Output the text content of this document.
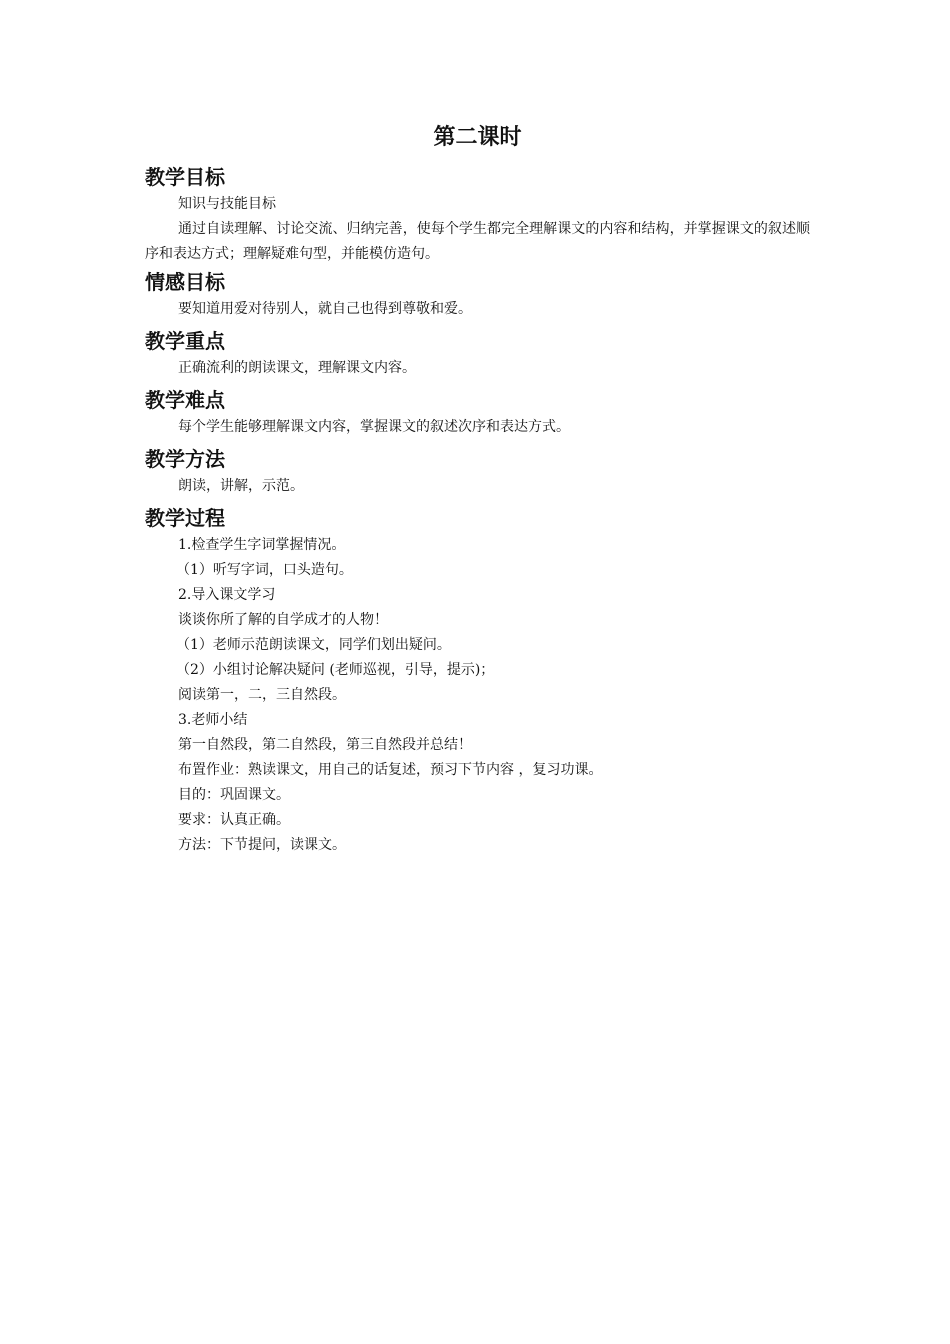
第二课时
教学目标
知识与技能目标
通过自读理解、讨论交流、归纳完善，使每个学生都完全理解课文的内容和结构，并掌握课文的叙述顺序和表达方式；理解疑难句型，并能模仿造句。
情感目标
要知道用爱对待别人，就自己也得到尊敬和爱。
教学重点
正确流利的朗读课文，理解课文内容。
教学难点
每个学生能够理解课文内容，掌握课文的叙述次序和表达方式。
教学方法
朗读，讲解，示范。
教学过程
1.检查学生字词掌握情况。
（1）听写字词，口头造句。
2.导入课文学习
谈谈你所了解的自学成才的人物！
（1）老师示范朗读课文，同学们划出疑问。
（2）小组讨论解决疑问 (老师巡视，引导，提示)；
阅读第一，二，三自然段。
3.老师小结
第一自然段，第二自然段，第三自然段并总结！
布置作业：熟读课文，用自己的话复述，预习下节内容 ，复习功课。
目的：巩固课文。
要求：认真正确。
方法：下节提问，读课文。
